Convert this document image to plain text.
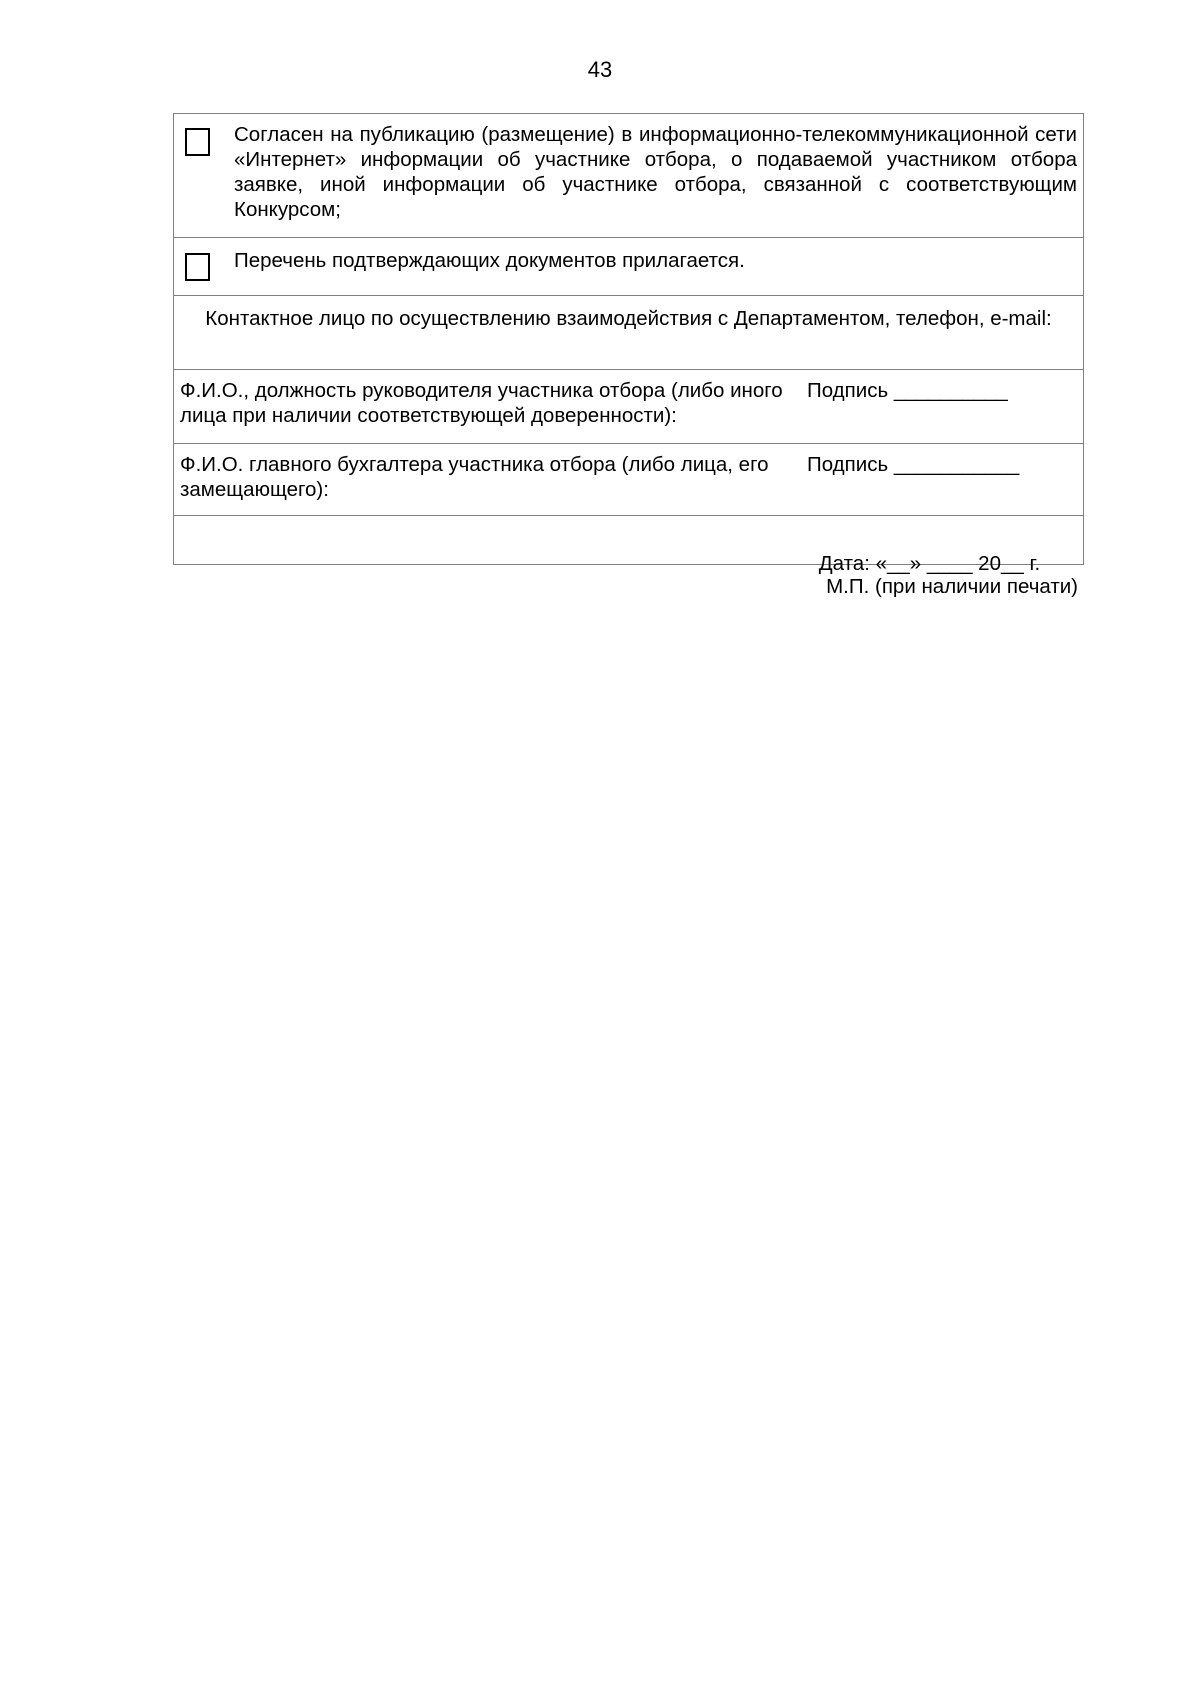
43

Согласен на публикацию (размещение) в информационно-телекоммуникационной сети «Интернет» информации об участнике отбора, о подаваемой участником отбора заявке, иной информации об участнике отбора, связанной с соответствующим Конкурсом;

Перечень подтверждающих документов прилагается.

Контактное лицо по осуществлению взаимодействия с Департаментом, телефон, e-mail:
Ф.И.О., должность руководителя участника отбора (либо иного лица при наличии соответствующей доверенности):
Подпись __________
Ф.И.О. главного бухгалтера участника отбора (либо лица, его замещающего):
Подпись ___________

Дата: «__» ____ 20__ г.

М.П. (при наличии печати)
